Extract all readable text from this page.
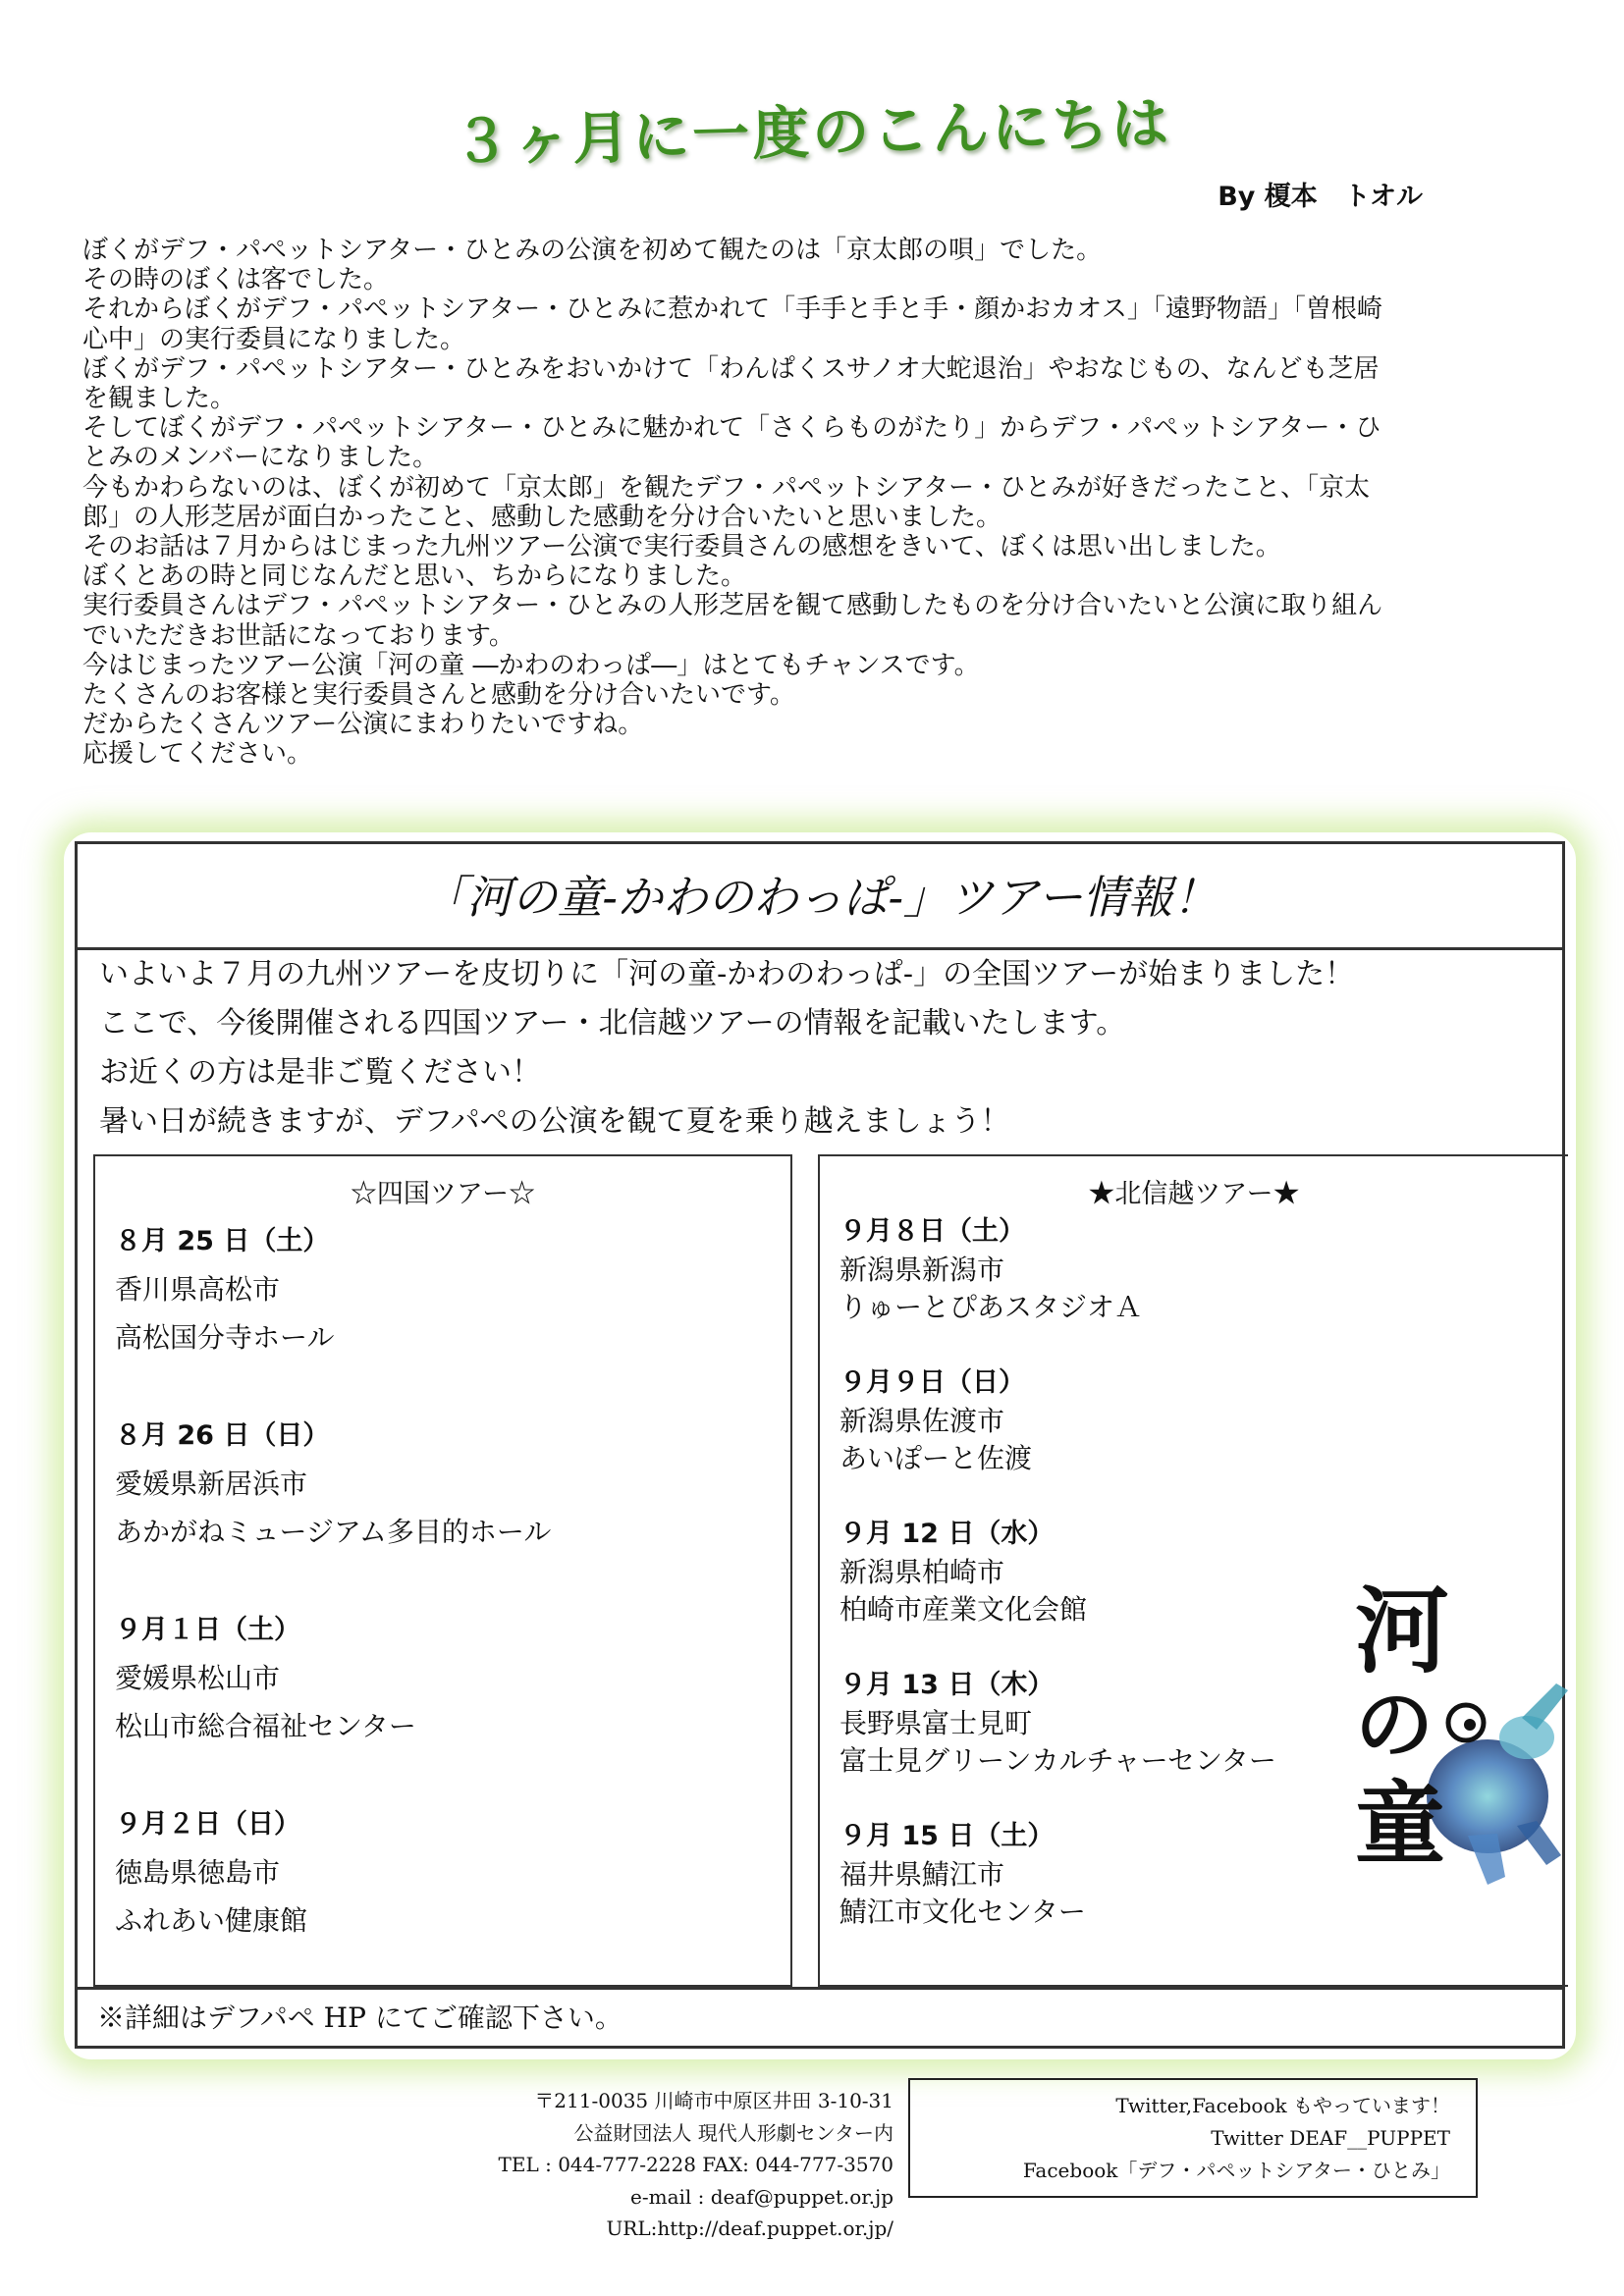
３ヶ月に一度のこんにちは
By 榎本　トオル
ぼくがデフ・パペットシアター・ひとみの公演を初めて観たのは「京太郎の唄」でした。
その時のぼくは客でした。
それからぼくがデフ・パペットシアター・ひとみに惹かれて「手手と手と手・顔かおカオス」「遠野物語」「曽根崎
心中」の実行委員になりました。
ぼくがデフ・パペットシアター・ひとみをおいかけて「わんぱくスサノオ大蛇退治」やおなじもの、なんども芝居
を観ました。
そしてぼくがデフ・パペットシアター・ひとみに魅かれて「さくらものがたり」からデフ・パペットシアター・ひ
とみのメンバーになりました。
今もかわらないのは、ぼくが初めて「京太郎」を観たデフ・パペットシアター・ひとみが好きだったこと、「京太
郎」の人形芝居が面白かったこと、感動した感動を分け合いたいと思いました。
そのお話は７月からはじまった九州ツアー公演で実行委員さんの感想をきいて、ぼくは思い出しました。
ぼくとあの時と同じなんだと思い、ちからになりました。
実行委員さんはデフ・パペットシアター・ひとみの人形芝居を観て感動したものを分け合いたいと公演に取り組ん
でいただきお世話になっております。
今はじまったツアー公演「河の童 ―かわのわっぱ―」はとてもチャンスです。
たくさんのお客様と実行委員さんと感動を分け合いたいです。
だからたくさんツアー公演にまわりたいですね。
応援してください。
「河の童-かわのわっぱ-」ツアー情報！
いよいよ７月の九州ツアーを皮切りに「河の童-かわのわっぱ-」の全国ツアーが始まりました！
ここで、今後開催される四国ツアー・北信越ツアーの情報を記載いたします。
お近くの方は是非ご覧ください！
暑い日が続きますが、デフパペの公演を観て夏を乗り越えましょう！
☆四国ツアー☆
８月 25 日（土）
香川県高松市
高松国分寺ホール
８月 26 日（日）
愛媛県新居浜市
あかがねミュージアム多目的ホール
９月１日（土）
愛媛県松山市
松山市総合福祉センター
９月２日（日）
徳島県徳島市
ふれあい健康館
★北信越ツアー★
９月８日（土）
新潟県新潟市
りゅーとぴあスタジオＡ
９月９日（日）
新潟県佐渡市
あいぽーと佐渡
９月 12 日（水）
新潟県柏崎市
柏崎市産業文化会館
９月 13 日（木）
長野県富士見町
富士見グリーンカルチャーセンター
９月 15 日（土）
福井県鯖江市
鯖江市文化センター
※詳細はデフパペ HP にてご確認下さい。
河
の
童
〒211-0035 川崎市中原区井田 3-10-31
公益財団法人 現代人形劇センター内
TEL : 044-777-2228 FAX: 044-777-3570
e-mail : deaf@puppet.or.jp
URL:http://deaf.puppet.or.jp/
Twitter,Facebook もやっています！
Twitter DEAF__PUPPET
Facebook「デフ・パペットシアター・ひとみ」
